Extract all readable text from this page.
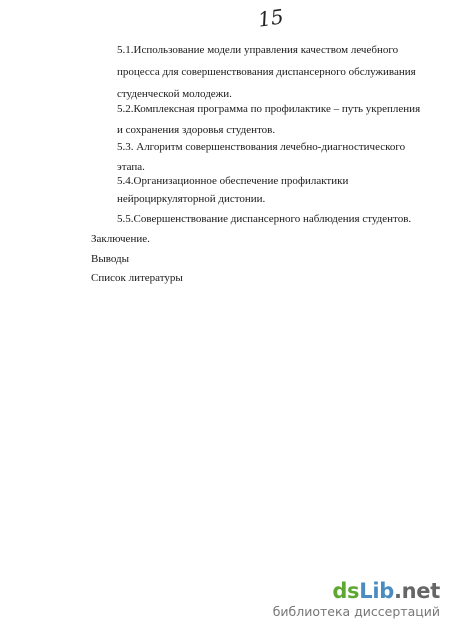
15
5.1.Использование модели управления качеством лечебного
процесса для совершенствования диспансерного обслуживания
студенческой молодежи.
5.2.Комплексная программа по профилактике – путь укрепления
и сохранения здоровья студентов.
5.3. Алгоритм совершенствования лечебно-диагностического
этапа.
5.4.Организационное обеспечение профилактики
нейроциркуляторной дистонии.
5.5.Совершенствование диспансерного наблюдения студентов.
Заключение.
Выводы
Список литературы
dsLib.net
библиотека диссертаций
